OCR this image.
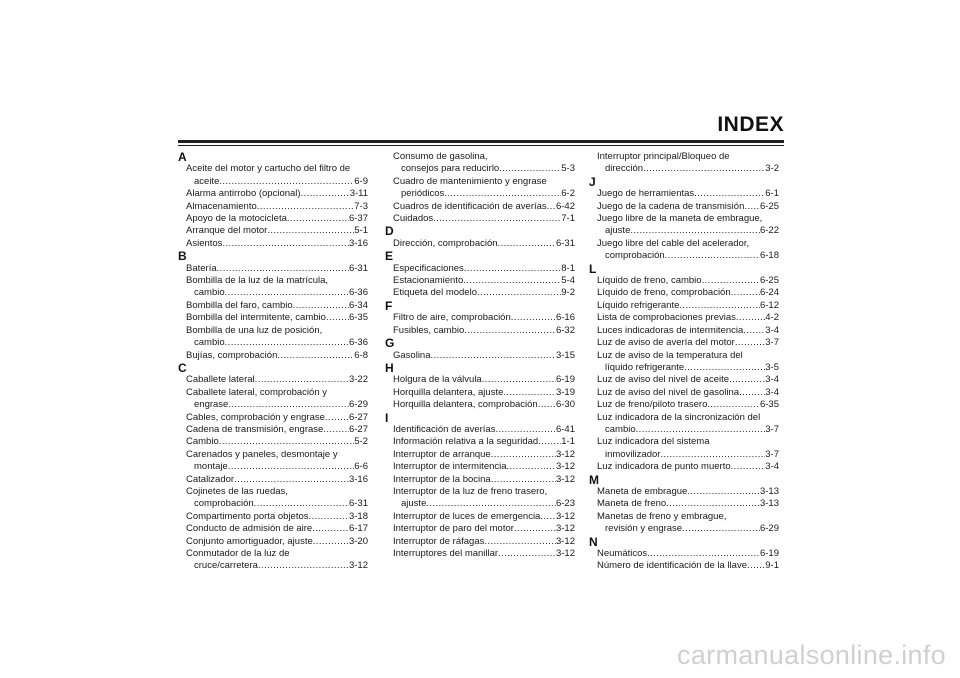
INDEX
A
Aceite del motor y cartucho del filtro de
aceite .....	6-9
Alarma antirrobo (opcional) .....	3-11
Almacenamiento .....	7-3
Apoyo de la motocicleta .....	6-37
Arranque del motor .....	5-1
Asientos .....	3-16
B
Batería .....	6-31
Bombilla de la luz de la matrícula,
cambio .....	6-36
Bombilla del faro, cambio .....	6-34
Bombilla del intermitente, cambio ..... 6-35
Bombilla de una luz de posición,
cambio .....	6-36
Bujías, comprobación .....	6-8
C
Caballete lateral .....	3-22
Caballete lateral, comprobación y
engrase .....	6-29
Cables, comprobación y engrase .....	6-27
Cadena de transmisión, engrase .....	6-27
Cambio .....	5-2
Carenados y paneles, desmontaje y
montaje .....	6-6
Catalizador .....	3-16
Cojinetes de las ruedas,
comprobación .....	6-31
Compartimento porta objetos .....	3-18
Conducto de admisión de aire .....	6-17
Conjunto amortiguador, ajuste .....	3-20
Conmutador de la luz de
cruce/carretera .....	3-12
Consumo de gasolina,
consejos para reducirlo .....	5-3
Cuadro de mantenimiento y engrase
periódicos .....	6-2
Cuadros de identificación de averías ..... 6-42
Cuidados .....	7-1
D
Dirección, comprobación .....	6-31
E
Especificaciones .....	8-1
Estacionamiento .....	5-4
Etiqueta del modelo .....	9-2
F
Filtro de aire, comprobación .....	6-16
Fusibles, cambio .....	6-32
G
Gasolina .....	3-15
H
Holgura de la válvula .....	6-19
Horquilla delantera, ajuste .....	3-19
Horquilla delantera, comprobación ..... 6-30
I
Identificación de averías .....	6-41
Información relativa a la seguridad ..... 1-1
Interruptor de arranque .....	3-12
Interruptor de intermitencia .....	3-12
Interruptor de la bocina .....	3-12
Interruptor de la luz de freno trasero,
ajuste .....	6-23
Interruptor de luces de emergencia ..... 3-12
Interruptor de paro del motor .....	3-12
Interruptor de ráfagas .....	3-12
Interruptores del manillar .....	3-12
Interruptor principal/Bloqueo de
dirección .....	3-2
J
Juego de herramientas .....	6-1
Juego de la cadena de transmisión ..... 6-25
Juego libre de la maneta de embrague,
ajuste .....	6-22
Juego libre del cable del acelerador,
comprobación .....	6-18
L
Líquido de freno, cambio .....	6-25
Líquido de freno, comprobación .....	6-24
Líquido refrigerante .....	6-12
Lista de comprobaciones previas .....	4-2
Luces indicadoras de intermitencia ..... 3-4
Luz de aviso de avería del motor .....	3-7
Luz de aviso de la temperatura del
líquido refrigerante .....	3-5
Luz de aviso del nivel de aceite .....	3-4
Luz de aviso del nivel de gasolina .....	3-4
Luz de freno/piloto trasero .....	6-35
Luz indicadora de la sincronización del
cambio .....	3-7
Luz indicadora del sistema
inmovilizador .....	3-7
Luz indicadora de punto muerto .....	3-4
M
Maneta de embrague .....	3-13
Maneta de freno .....	3-13
Manetas de freno y embrague,
revisión y engrase .....	6-29
N
Neumáticos .....	6-19
Número de identificación de la llave ..... 9-1
carmanualsonline.info
